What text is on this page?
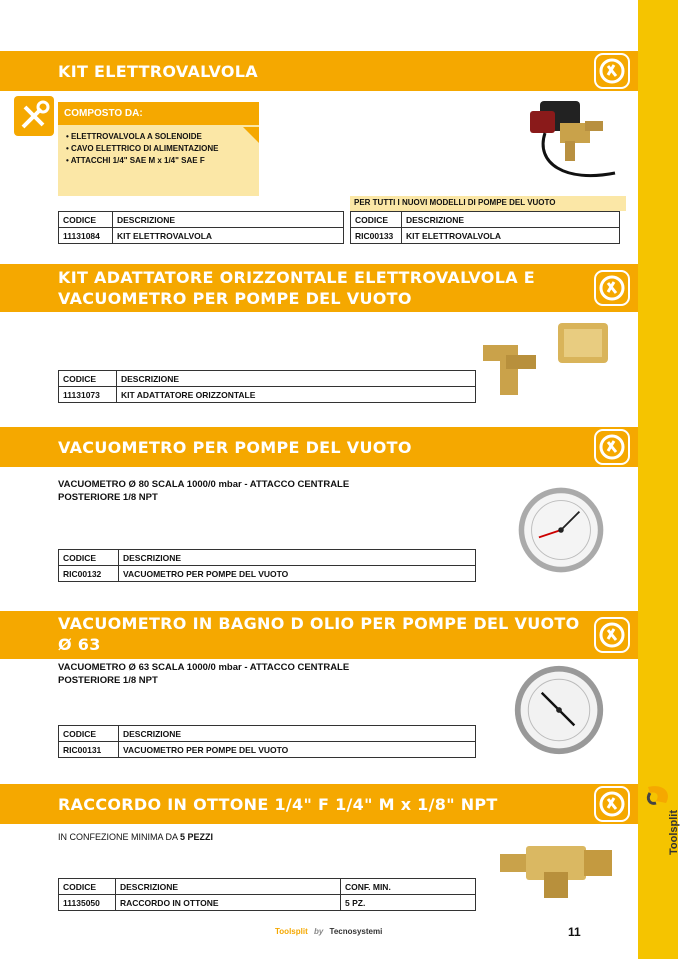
Toolsplit
KIT ELETTROVALVOLA
COMPOSTO DA:
• ELETTROVALVOLA A SOLENOIDE
• CAVO ELETTRICO DI ALIMENTAZIONE
• ATTACCHI 1/4" SAE M x 1/4" SAE F
CODICE	DESCRIZIONE
11131084	KIT ELETTROVALVOLA
PER TUTTI I NUOVI MODELLI DI POMPE DEL VUOTO
CODICE	DESCRIZIONE
RIC00133	KIT ELETTROVALVOLA
KIT ADATTATORE ORIZZONTALE ELETTROVALVOLA E
VACUOMETRO PER POMPE DEL VUOTO
CODICE	DESCRIZIONE
11131073	KIT ADATTATORE ORIZZONTALE
VACUOMETRO PER POMPE DEL VUOTO
VACUOMETRO Ø 80 SCALA 1000/0 mbar - ATTACCO CENTRALE
POSTERIORE 1/8 NPT
CODICE	DESCRIZIONE
RIC00132	VACUOMETRO PER POMPE DEL VUOTO
VACUOMETRO IN BAGNO D OLIO PER POMPE DEL VUOTO
Ø 63
VACUOMETRO Ø 63 SCALA 1000/0 mbar - ATTACCO CENTRALE
POSTERIORE 1/8 NPT
CODICE	DESCRIZIONE
RIC00131	VACUOMETRO PER POMPE DEL VUOTO
RACCORDO IN OTTONE 1/4" F 1/4" M x 1/8" NPT
IN CONFEZIONE MINIMA DA 5 PEZZI
CODICE	DESCRIZIONE	CONF. MIN.
11135050	RACCORDO IN OTTONE	5 PZ.
Toolsplit by Tecnosystemi	11
